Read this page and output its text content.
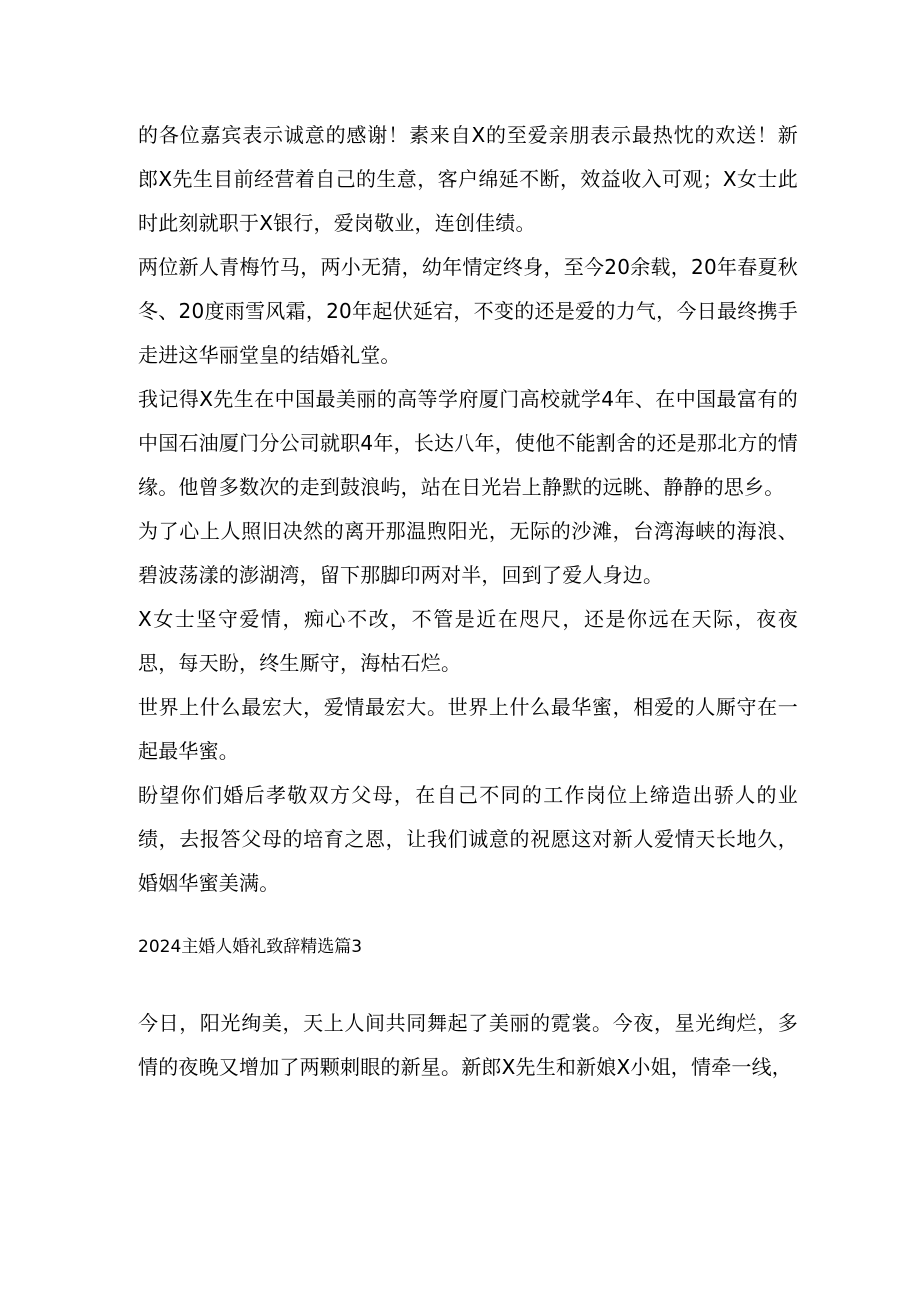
的各位嘉宾表示诚意的感谢！素来自X的至爱亲朋表示最热忱的欢送！新郎X先生目前经营着自己的生意，客户绵延不断，效益收入可观；X女士此时此刻就职于X银行，爱岗敬业，连创佳绩。

两位新人青梅竹马，两小无猜，幼年情定终身，至今20余载，20年春夏秋冬、20度雨雪风霜，20年起伏延宕，不变的还是爱的力气，今日最终携手走进这华丽堂皇的结婚礼堂。

我记得X先生在中国最美丽的高等学府厦门高校就学4年、在中国最富有的中国石油厦门分公司就职4年，长达八年，使他不能割舍的还是那北方的情缘。他曾多数次的走到鼓浪屿，站在日光岩上静默的远眺、静静的思乡。

为了心上人照旧决然的离开那温煦阳光，无际的沙滩，台湾海峡的海浪、碧波荡漾的澎湖湾，留下那脚印两对半，回到了爱人身边。

X女士坚守爱情，痴心不改，不管是近在咫尺，还是你远在天际，夜夜思，每天盼，终生厮守，海枯石烂。

世界上什么最宏大，爱情最宏大。世界上什么最华蜜，相爱的人厮守在一起最华蜜。

盼望你们婚后孝敬双方父母，在自己不同的工作岗位上缔造出骄人的业绩，去报答父母的培育之恩，让我们诚意的祝愿这对新人爱情天长地久，婚姻华蜜美满。

2024主婚人婚礼致辞精选篇3

今日，阳光绚美，天上人间共同舞起了美丽的霓裳。今夜，星光绚烂，多情的夜晚又增加了两颗刺眼的新星。新郎X先生和新娘X小姐，情牵一线，
